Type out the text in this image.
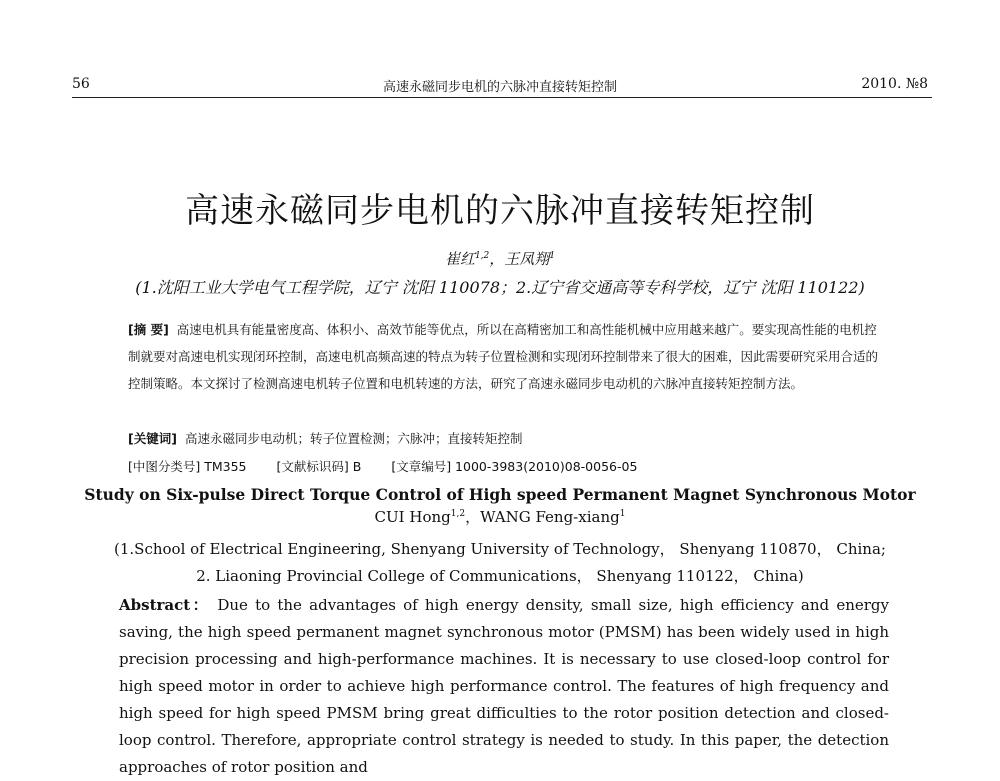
56	高速永磁同步电机的六脉冲直接转矩控制	2010. №8
高速永磁同步电机的六脉冲直接转矩控制
崔红$^{1,2}$，王凤翔$^1$
(1.沈阳工业大学电气工程学院，辽宁 沈阳 110078；2.辽宁省交通高等专科学校，辽宁 沈阳 110122)
[摘 要] 高速电机具有能量密度高、体积小、高效节能等优点，所以在高精密加工和高性能机械中应用越来越广。要实现高性能的电机控制就要对高速电机实现闭环控制，高速电机高频高速的特点为转子位置检测和实现闭环控制带来了很大的困难，因此需要研究采用合适的控制策略。本文探讨了检测高速电机转子位置和电机转速的方法，研究了高速永磁同步电动机的六脉冲直接转矩控制方法。
[关键词] 高速永磁同步电动机；转子位置检测；六脉冲；直接转矩控制
[中图分类号] TM355 [文献标识码] B [文章编号] 1000-3983(2010)08-0056-05
Study on Six-pulse Direct Torque Control of High speed Permanent Magnet Synchronous Motor
CUI Hong$^{1,2}$，WANG Feng-xiang$^1$
(1.School of Electrical Engineering, Shenyang University of Technology， Shenyang 110870， China;
2. Liaoning Provincial College of Communications， Shenyang 110122， China)
Abstract： Due to the advantages of high energy density, small size, high efficiency and energy saving, the high speed permanent magnet synchronous motor (PMSM) has been widely used in high precision processing and high-performance machines. It is necessary to use closed-loop control for high speed motor in order to achieve high performance control. The features of high frequency and high speed for high speed PMSM bring great difficulties to the rotor position detection and closed-loop control. Therefore, appropriate control strategy is needed to study. In this paper, the detection approaches of rotor position and
